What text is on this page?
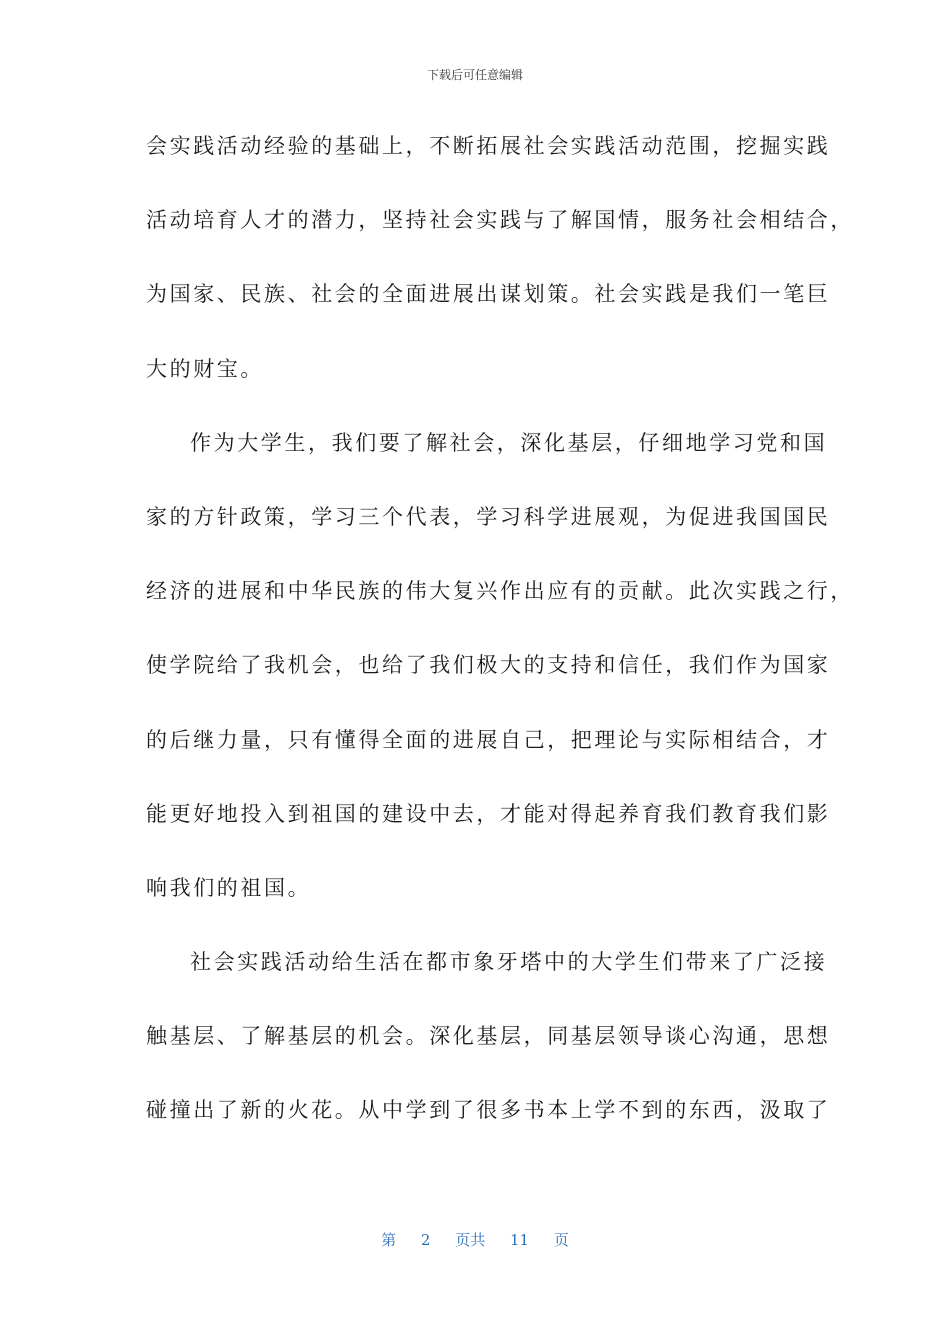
下载后可任意编辑
会实践活动经验的基础上，不断拓展社会实践活动范围，挖掘实践
活动培育人才的潜力，坚持社会实践与了解国情，服务社会相结合，
为国家、民族、社会的全面进展出谋划策。社会实践是我们一笔巨
大的财宝。
作为大学生，我们要了解社会，深化基层，仔细地学习党和国
家的方针政策，学习三个代表，学习科学进展观，为促进我国国民
经济的进展和中华民族的伟大复兴作出应有的贡献。此次实践之行，
使学院给了我机会，也给了我们极大的支持和信任，我们作为国家
的后继力量，只有懂得全面的进展自己，把理论与实际相结合，才
能更好地投入到祖国的建设中去，才能对得起养育我们教育我们影
响我们的祖国。
社会实践活动给生活在都市象牙塔中的大学生们带来了广泛接
触基层、了解基层的机会。深化基层，同基层领导谈心沟通，思想
碰撞出了新的火花。从中学到了很多书本上学不到的东西，汲取了
第 2 页共 11 页
